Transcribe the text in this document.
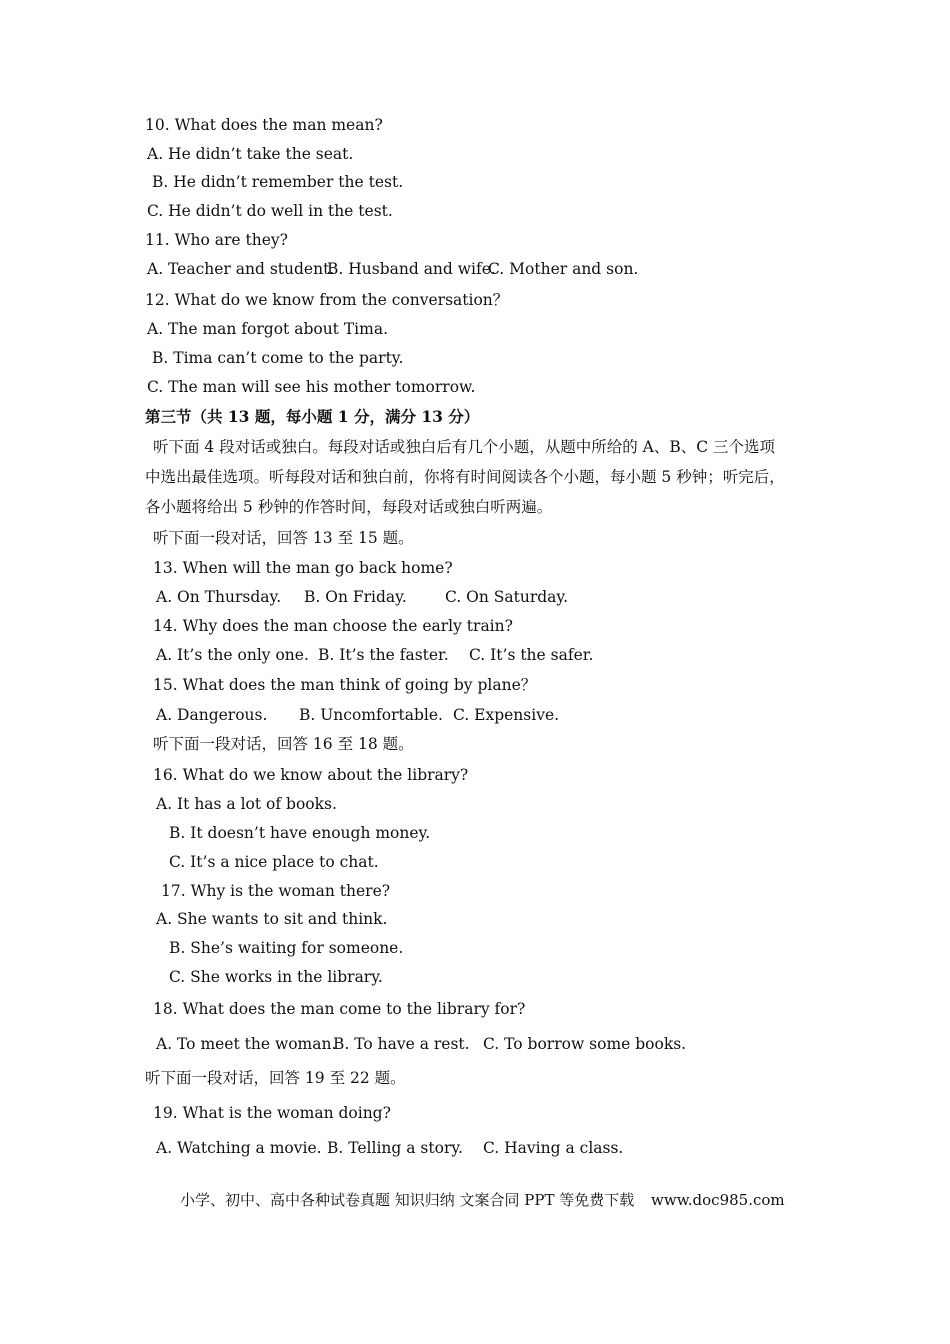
10. What does the man mean?
A. He didn’t take the seat.
B. He didn’t remember the test.
C. He didn’t do well in the test.
11. Who are they?
A. Teacher and student.
B. Husband and wife.
C. Mother and son.
12. What do we know from the conversation？
A. The man forgot about Tima.
B. Tima can’t come to the party.
C. The man will see his mother tomorrow.
第三节（共 13 题，每小题 1 分，满分 13 分）
听下面 4 段对话或独白。每段对话或独白后有几个小题，从题中所给的 A、B、C 三个选项
中选出最佳选项。听每段对话和独白前，你将有时间阅读各个小题，每小题 5 秒钟；听完后，
各小题将给出 5 秒钟的作答时间，每段对话或独白听两遍。
听下面一段对话，回答 13 至 15 题。
13. When will the man go back home?
A. On Thursday. B. On Friday. C. On Saturday.
14. Why does the man choose the early train?
A. It’s the only one. B. It’s the faster. C. It’s the safer.
15. What does the man think of going by plane？
A. Dangerous. B. Uncomfortable. C. Expensive.
听下面一段对话，回答 16 至 18 题。
16. What do we know about the library?
A. It has a lot of books.
B. It doesn’t have enough money.
C. It’s a nice place to chat.
17. Why is the woman there?
A. She wants to sit and think.
B. She’s waiting for someone.
C. She works in the library.
18. What does the man come to the library for?
A. To meet the woman.
B. To have a rest. C. To borrow some books.
听下面一段对话，回答 19 至 22 题。
19. What is the woman doing?
A. Watching a movie. B. Telling a story. C. Having a class.
小学、初中、高中各种试卷真题 知识归纳 文案合同 PPT 等免费下载 www.doc985.com
